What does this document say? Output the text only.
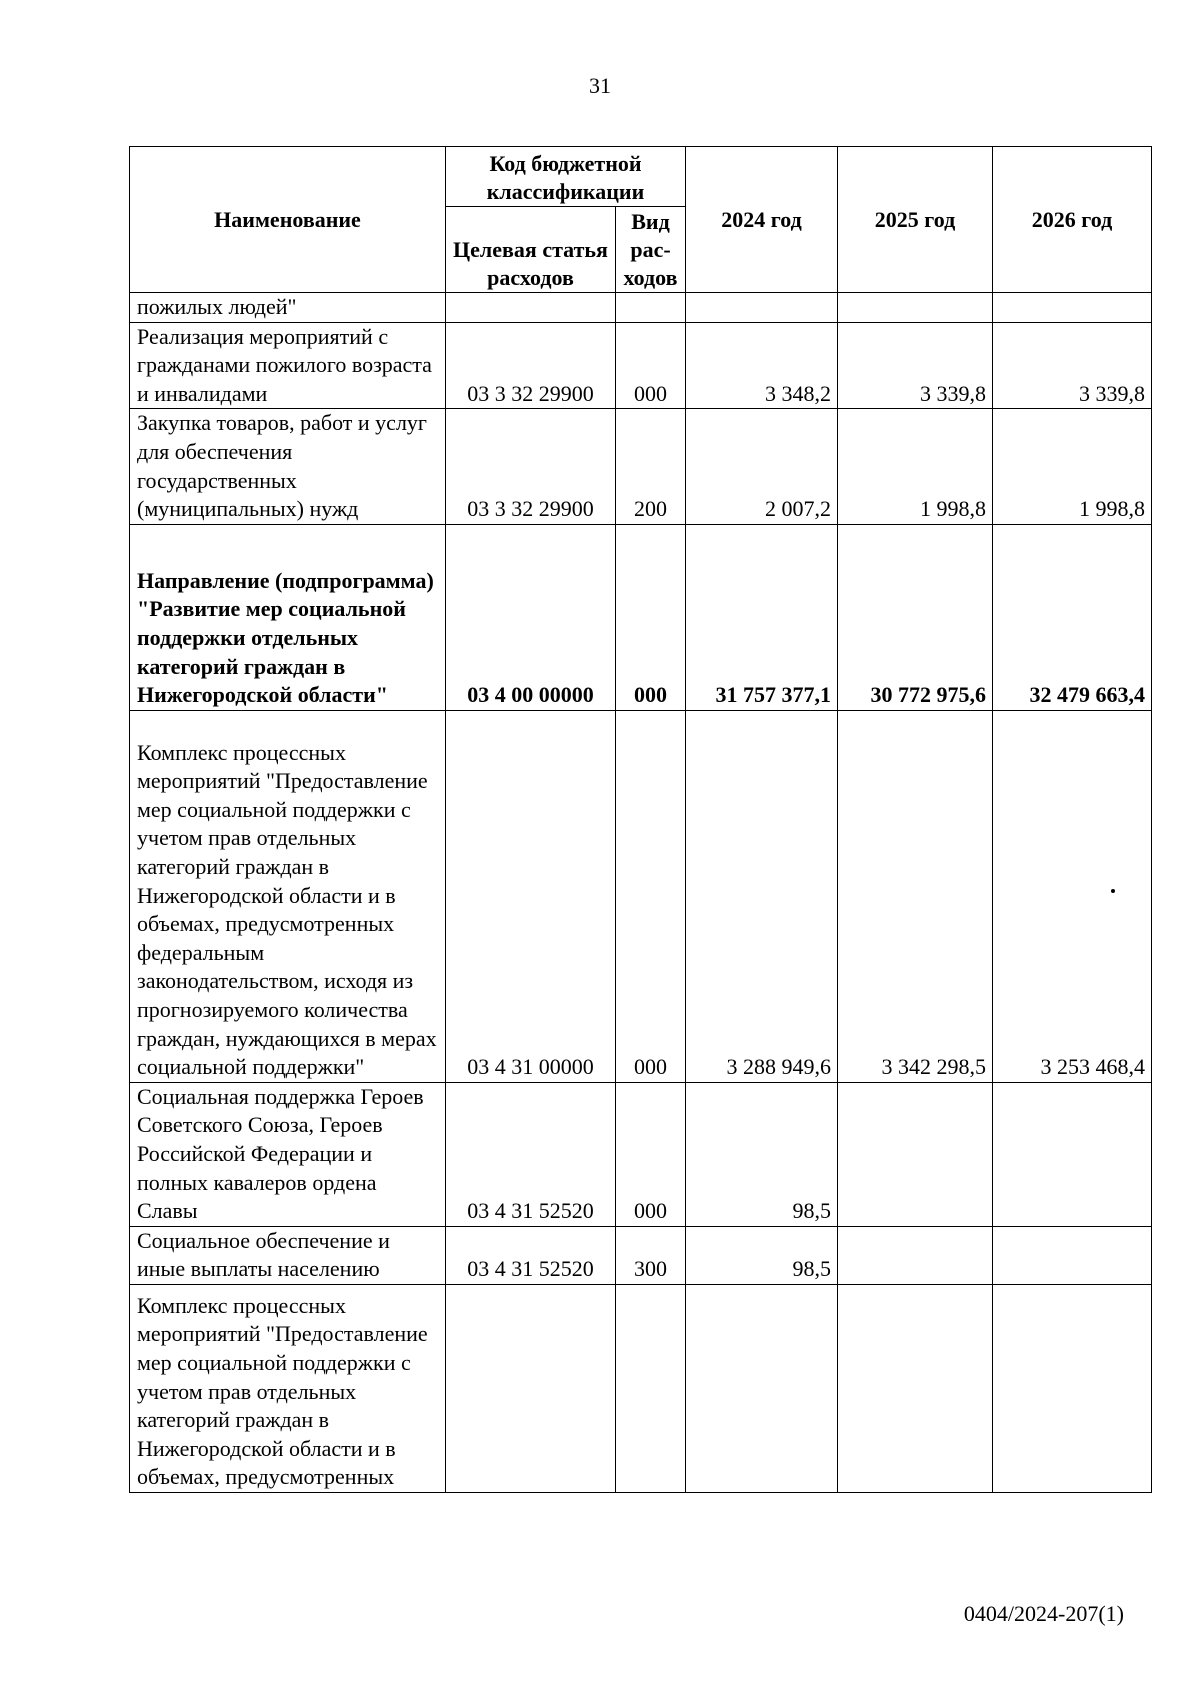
31
Наименование	Код бюджетной классификации		2024 год	2025 год	2026 год
	Целевая статья расходов	Вид рас-ходов			
пожилых людей"					
Реализация мероприятий с гражданами пожилого возраста и инвалидами	03 3 32 29900	000	3 348,2	3 339,8	3 339,8
Закупка товаров, работ и услуг для обеспечения государственных (муниципальных) нужд	03 3 32 29900	200	2 007,2	1 998,8	1 998,8
Направление (подпрограмма) "Развитие мер социальной поддержки отдельных категорий граждан в Нижегородской области"	03 4 00 00000	000	31 757 377,1	30 772 975,6	32 479 663,4
Комплекс процессных мероприятий "Предоставление мер социальной поддержки с учетом прав отдельных категорий граждан в Нижегородской области и в объемах, предусмотренных федеральным законодательством, исходя из прогнозируемого количества граждан, нуждающихся в мерах социальной поддержки"	03 4 31 00000	000	3 288 949,6	3 342 298,5	3 253 468,4
Социальная поддержка Героев Советского Союза, Героев Российской Федерации и полных кавалеров ордена Славы	03 4 31 52520	000	98,5		
Социальное обеспечение и иные выплаты населению	03 4 31 52520	300	98,5		
Комплекс процессных мероприятий "Предоставление мер социальной поддержки с учетом прав отдельных категорий граждан в Нижегородской области и в объемах, предусмотренных					
0404/2024-207(1)
